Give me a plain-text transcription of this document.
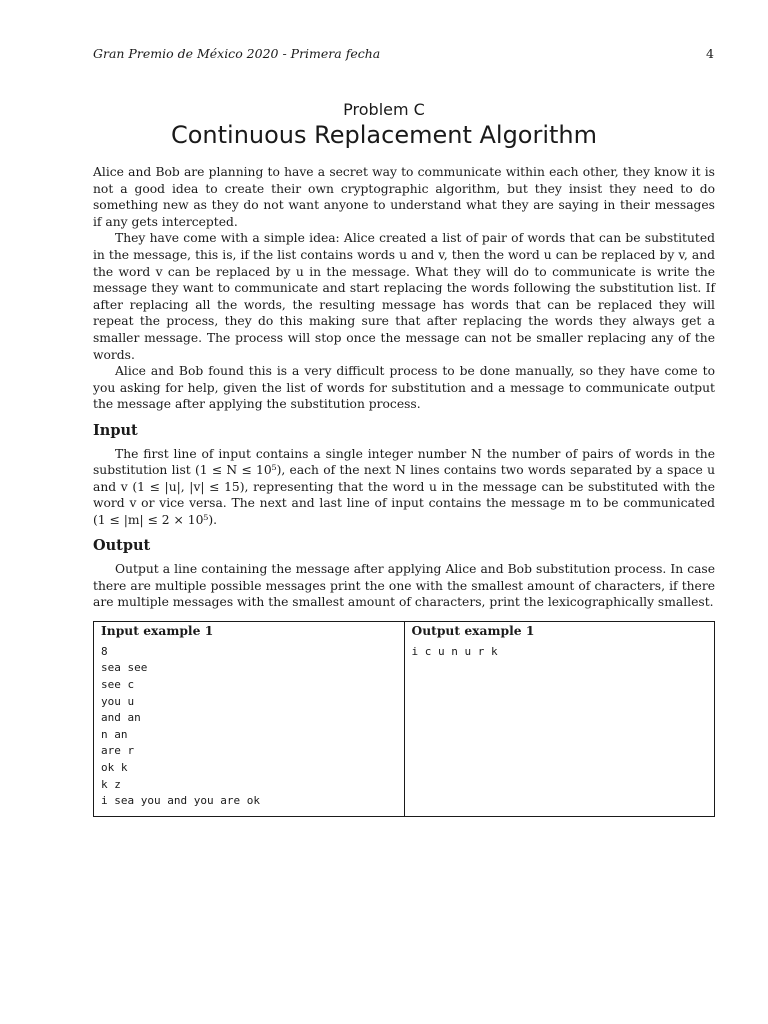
Gran Premio de México 2020 - Primera fecha	4
Problem C
Continuous Replacement Algorithm

Alice and Bob are planning to have a secret way to communicate within each other, they know it is not a good idea to create their own cryptographic algorithm, but they insist they need to do something new as they do not want anyone to understand what they are saying in their messages if any gets intercepted.

They have come with a simple idea: Alice created a list of pair of words that can be substituted in the message, this is, if the list contains words u and v, then the word u can be replaced by v, and the word v can be replaced by u in the message. What they will do to communicate is write the message they want to communicate and start replacing the words following the substitution list. If after replacing all the words, the resulting message has words that can be replaced they will repeat the process, they do this making sure that after replacing the words they always get a smaller message. The process will stop once the message can not be smaller replacing any of the words.

Alice and Bob found this is a very difficult process to be done manually, so they have come to you asking for help, given the list of words for substitution and a message to communicate output the message after applying the substitution process.

Input

The first line of input contains a single integer number N the number of pairs of words in the substitution list (1 ≤ N ≤ 10⁵), each of the next N lines contains two words separated by a space u and v (1 ≤ |u|, |v| ≤ 15), representing that the word u in the message can be substituted with the word v or vice versa. The next and last line of input contains the message m to be communicated (1 ≤ |m| ≤ 2 × 10⁵).

Output

Output a line containing the message after applying Alice and Bob substitution process. In case there are multiple possible messages print the one with the smallest amount of characters, if there are multiple messages with the smallest amount of characters, print the lexicographically smallest.

Input example 1
8
sea see
see c
you u
and an
n an
are r
ok k
k z
i sea you and you are ok
Output example 1
i c u n u r k
